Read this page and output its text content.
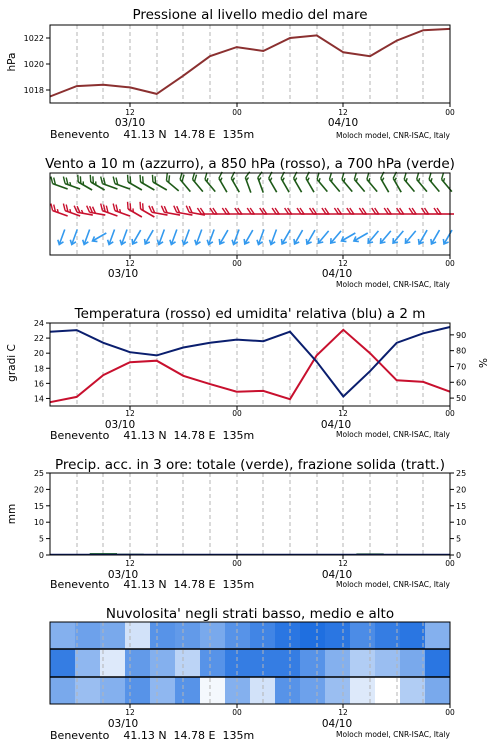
Pressione al livello medio del mare
hPa
1018
1020
1022
12	00	12	00
03/10	04/10
Benevento    41.13 N  14.78 E  135m	Moloch model, CNR-ISAC, Italy
Vento a 10 m (azzurro), a 850 hPa (rosso), a 700 hPa (verde)
12	00	12	00
03/10	04/10
Moloch model, CNR-ISAC, Italy
Temperatura (rosso) ed umidita' relativa (blu) a 2 m
gradi C	%
14
16
18
20
22
24
50
60
70
80
90
12	00	12	00
03/10	04/10
Benevento    41.13 N  14.78 E  135m	Moloch model, CNR-ISAC, Italy
Precip. acc. in 3 ore: totale (verde), frazione solida (tratt.)
mm
0
5
10
15
20
25
0
5
10
15
20
25
12	00	12	00
03/10	04/10
Benevento    41.13 N  14.78 E  135m	Moloch model, CNR-ISAC, Italy
Nuvolosita' negli strati basso, medio e alto
12	00	12	00
03/10	04/10
Benevento    41.13 N  14.78 E  135m	Moloch model, CNR-ISAC, Italy
